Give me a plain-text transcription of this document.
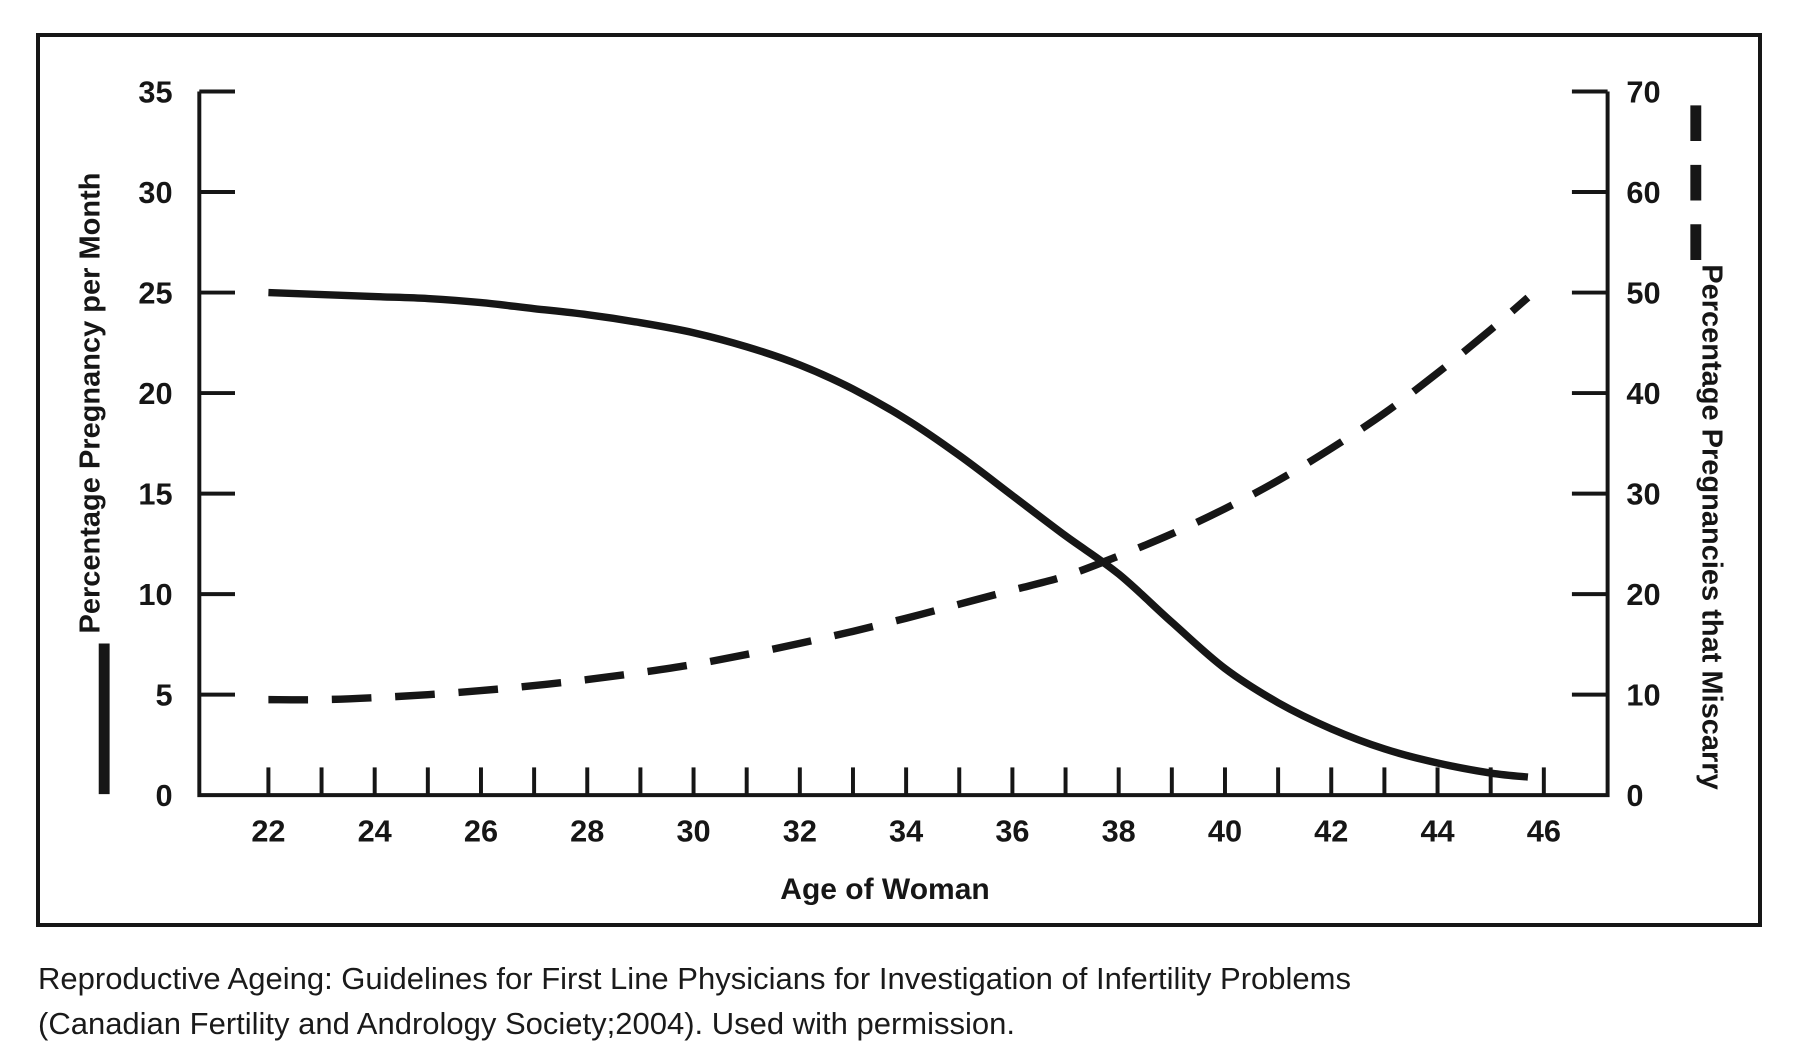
0
5
10
15
20
25
30
35
0
10
20
30
40
50
60
70
22 24 26 28 30 32 34 36 38 40 42 44 46
Percentage Pregnancy per Month	Percentage Pregnancies that Miscarry
Age of Woman
Reproductive Ageing: Guidelines for First Line Physicians for Investigation of Infertility Problems
(Canadian Fertility and Andrology Society;2004). Used with permission.
